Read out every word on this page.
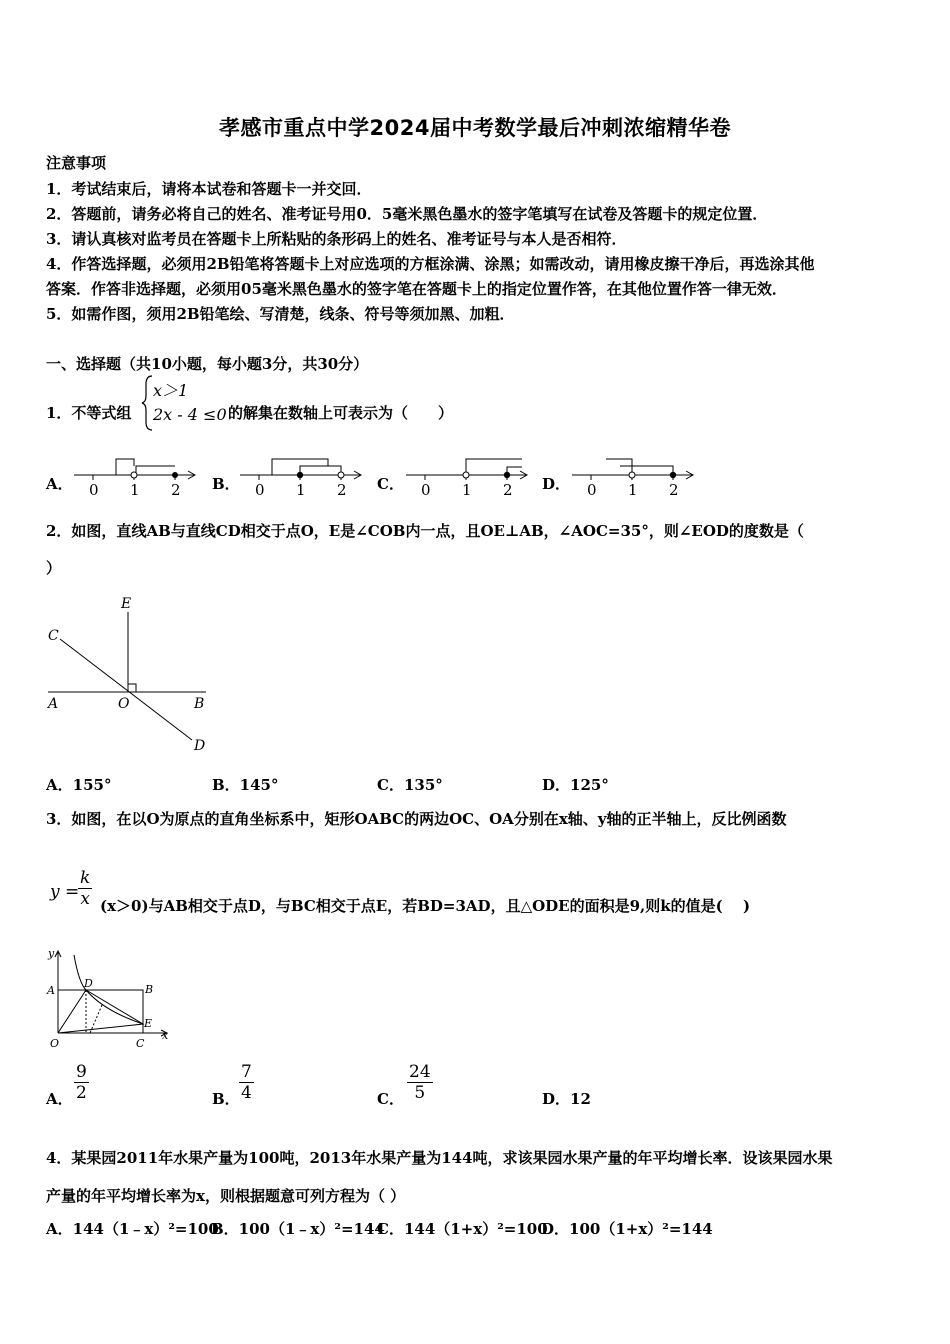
孝感市重点中学2024届中考数学最后冲刺浓缩精华卷
注意事项
1．考试结束后，请将本试卷和答题卡一并交回．
2．答题前，请务必将自己的姓名、准考证号用0．5毫米黑色墨水的签字笔填写在试卷及答题卡的规定位置．
3．请认真核对监考员在答题卡上所粘贴的条形码上的姓名、准考证号与本人是否相符．
4．作答选择题，必须用2B铅笔将答题卡上对应选项的方框涂满、涂黑；如需改动，请用橡皮擦干净后，再选涂其他
答案．作答非选择题，必须用05毫米黑色墨水的签字笔在答题卡上的指定位置作答，在其他位置作答一律无效．
5．如需作图，须用2B铅笔绘、写清楚，线条、符号等须加黑、加粗．
一、选择题（共10小题，每小题3分，共30分）
1．不等式组
x＞1
2x - 4 ≤0 的解集在数轴上可表示为（　　）
A．	B．	C．	D．
0 1 2	0 1 2	0 1 2	0 1 2
2．如图，直线AB与直线CD相交于点O，E是∠COB内一点，且OE⊥AB，∠AOC=35°，则∠EOD的度数是（
）
E
C
A	O	B
D
A．155°	B．145°	C．135°	D．125°
3．如图，在以O为原点的直角坐标系中，矩形OABC的两边OC、OA分别在x轴、y轴的正半轴上，反比例函数
y =
$\frac{k}{x} (x>0)$与AB相交于点D，与BC相交于点E，若BD=3AD，且△ODE的面积是9,则k的值是(　 )
y
D	B
A
E
x
O	C
A． $\frac{9}{2}$	B． $\frac{7}{4}$	C． $\frac{24}{5}$	D．12
4．某果园2011年水果产量为100吨，2013年水果产量为144吨，求该果园水果产量的年平均增长率．设该果园水果
产量的年平均增长率为x，则根据题意可列方程为（ ）
A．144（1﹣x）²=100
B．100（1﹣x）²=144
C．144（1+x）²=100
D．100（1+x）²=144
